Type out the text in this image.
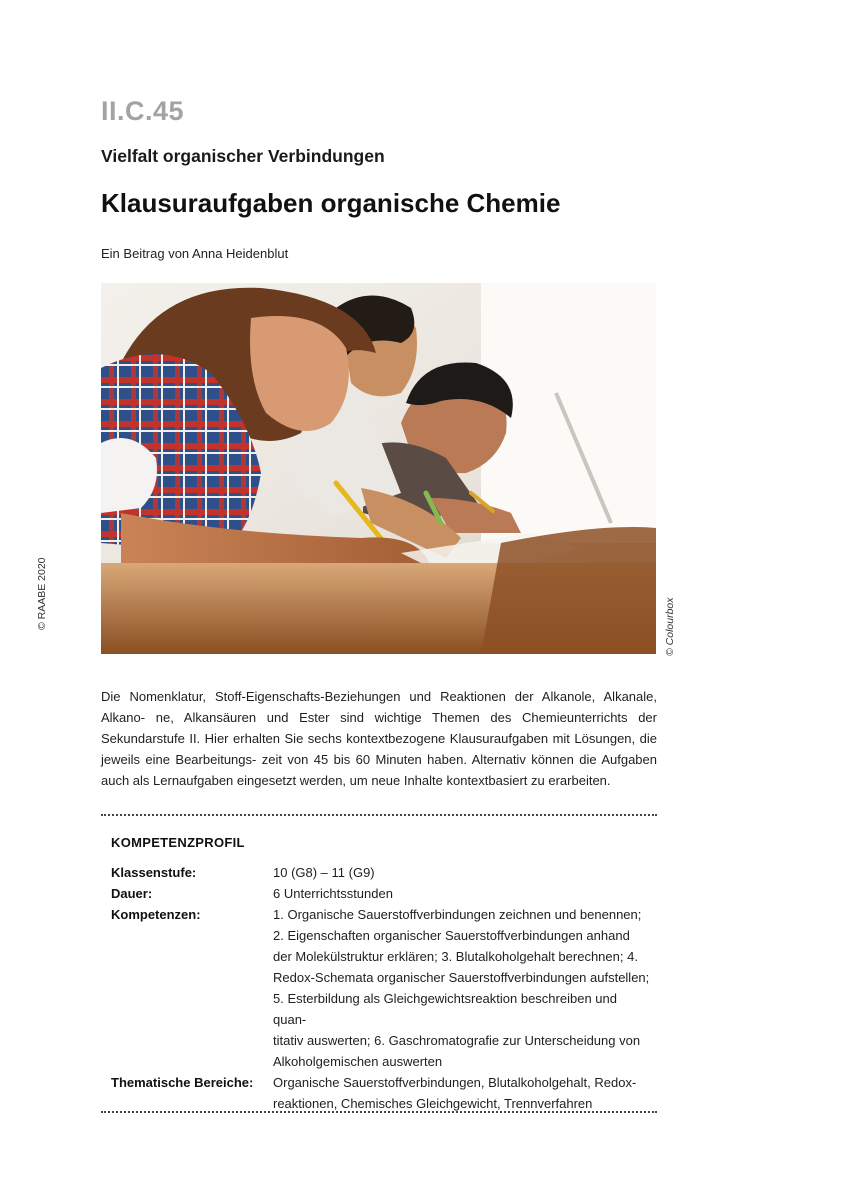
II.C.45
Vielfalt organischer Verbindungen
Klausuraufgaben organische Chemie
Ein Beitrag von Anna Heidenblut
© RAABE 2020	© Colourbox

Die Nomenklatur, Stoff-Eigenschafts-Beziehungen und Reaktionen der Alkanole, Alkanale, Alkano- ne, Alkansäuren und Ester sind wichtige Themen des Chemieunterrichts der Sekundarstufe II. Hier erhalten Sie sechs kontextbezogene Klausuraufgaben mit Lösungen, die jeweils eine Bearbeitungs- zeit von 45 bis 60 Minuten haben. Alternativ können die Aufgaben auch als Lernaufgaben eingesetzt werden, um neue Inhalte kontextbasiert zu erarbeiten.

KOMPETENZPROFIL
Klassenstufe:	10 (G8) – 11 (G9)
Dauer:	6 Unterrichtsstunden
Kompetenzen:	1. Organische Sauerstoffverbindungen zeichnen und benennen;
2. Eigenschaften organischer Sauerstoffverbindungen anhand
der Molekülstruktur erklären; 3. Blutalkoholgehalt berechnen; 4.
Redox-Schemata organischer Sauerstoffverbindungen aufstellen;
5. Esterbildung als Gleichgewichtsreaktion beschreiben und quan-
titativ auswerten; 6. Gaschromatografie zur Unterscheidung von
Alkoholgemischen auswerten
Thematische Bereiche:	Organische Sauerstoffverbindungen, Blutalkoholgehalt, Redox-
reaktionen, Chemisches Gleichgewicht, Trennverfahren
